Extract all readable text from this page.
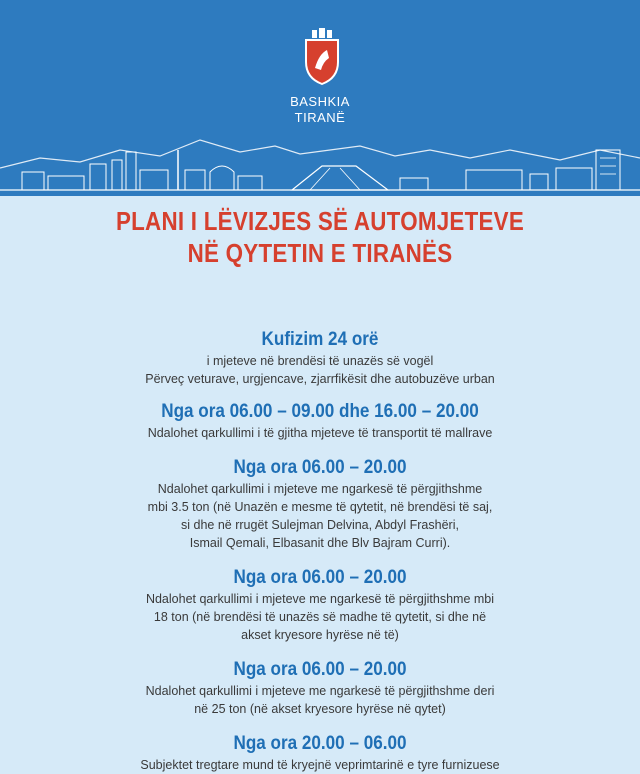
BASHKIA
TIRANË
PLANI I LËVIZJES SË AUTOMJETEVE
NË QYTETIN E TIRANËS
Kufizim 24 orë

i mjeteve në brendësi të unazës së vogël

Përveç veturave, urgjencave, zjarrfikësit dhe autobuzëve urban

Nga ora 06.00 – 09.00 dhe 16.00 – 20.00

Ndalohet qarkullimi i të gjitha mjeteve të transportit të mallrave

Nga ora 06.00 – 20.00

Ndalohet qarkullimi i mjeteve me ngarkesë të përgjithshme

mbi 3.5 ton (në Unazën e mesme të qytetit, në brendësi të saj,

si dhe në rrugët Sulejman Delvina, Abdyl Frashëri,

Ismail Qemali, Elbasanit dhe Blv Bajram Curri).

Nga ora 06.00 – 20.00

Ndalohet qarkullimi i mjeteve me ngarkesë të përgjithshme mbi

18 ton (në brendësi të unazës së madhe të qytetit, si dhe në

akset kryesore hyrëse në të)

Nga ora 06.00 – 20.00

Ndalohet qarkullimi i mjeteve me ngarkesë të përgjithshme deri

në 25 ton (në akset kryesore hyrëse në qytet)

Nga ora 20.00 – 06.00

Subjektet tregtare mund të kryejnë veprimtarinë e tyre furnizuese
